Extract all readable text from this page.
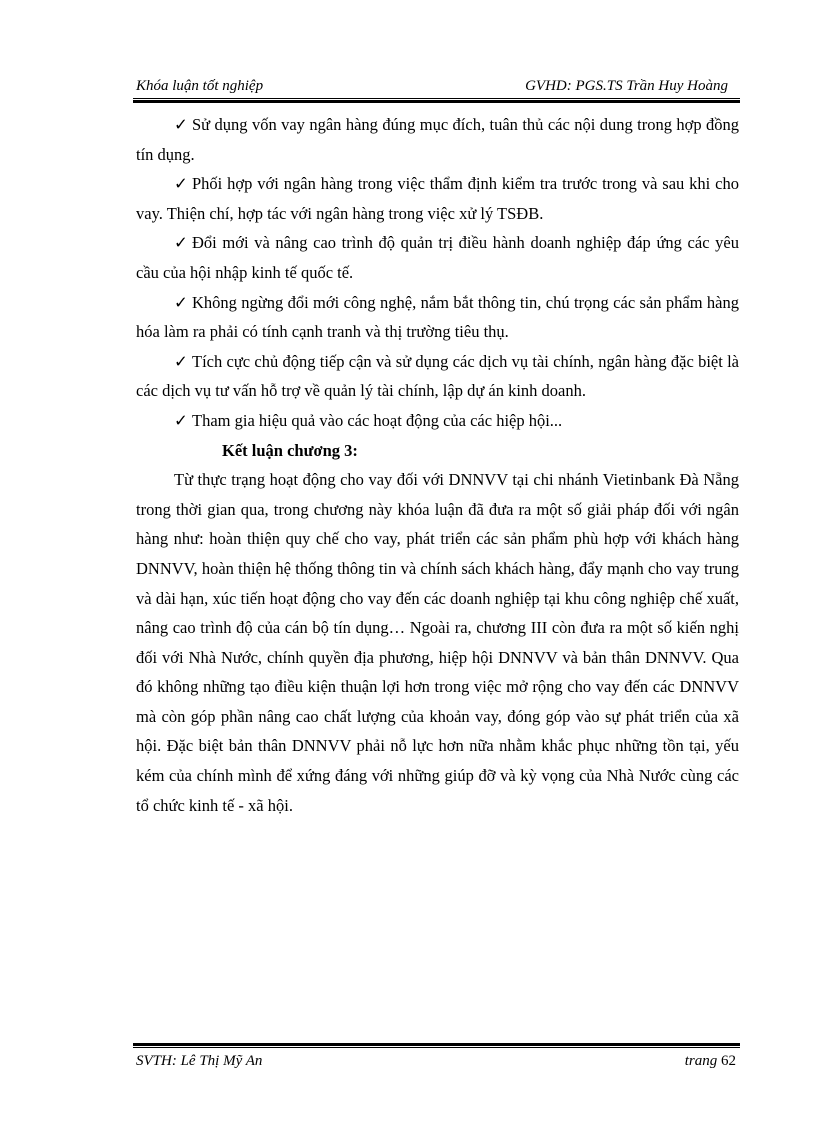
Khóa luận tốt nghiệp	GVHD: PGS.TS Trần Huy Hoàng

✓ Sử dụng vốn vay ngân hàng đúng mục đích, tuân thủ các nội dung trong hợp đồng tín dụng.

✓ Phối hợp với ngân hàng trong việc thẩm định kiểm tra trước trong và sau khi cho vay. Thiện chí, hợp tác với ngân hàng trong việc xử lý TSĐB.

✓ Đổi mới và nâng cao trình độ quản trị điều hành doanh nghiệp đáp ứng các yêu cầu của hội nhập kinh tế quốc tế.

✓ Không ngừng đổi mới công nghệ, nắm bắt thông tin, chú trọng các sản phẩm hàng hóa làm ra phải có tính cạnh tranh và thị trường tiêu thụ.

✓ Tích cực chủ động tiếp cận và sử dụng các dịch vụ tài chính, ngân hàng đặc biệt là các dịch vụ tư vấn hỗ trợ về quản lý tài chính, lập dự án kinh doanh.

✓ Tham gia hiệu quả vào các hoạt động của các hiệp hội...

Kết luận chương 3:

Từ thực trạng hoạt động cho vay đối với DNNVV tại chi nhánh Vietinbank Đà Nẵng trong thời gian qua, trong chương này khóa luận đã đưa ra một số giải pháp đối với ngân hàng như: hoàn thiện quy chế cho vay, phát triển các sản phẩm phù hợp với khách hàng DNNVV, hoàn thiện hệ thống thông tin và chính sách khách hàng, đẩy mạnh cho vay trung và dài hạn, xúc tiến hoạt động cho vay đến các doanh nghiệp tại khu công nghiệp chế xuất, nâng cao trình độ của cán bộ tín dụng… Ngoài ra, chương III còn đưa ra một số kiến nghị đối với Nhà Nước, chính quyền địa phương, hiệp hội DNNVV và bản thân DNNVV. Qua đó không những tạo điều kiện thuận lợi hơn trong việc mở rộng cho vay đến các DNNVV mà còn góp phần nâng cao chất lượng của khoản vay, đóng góp vào sự phát triển của xã hội. Đặc biệt bản thân DNNVV phải nỗ lực hơn nữa nhằm khắc phục những tồn tại, yếu kém của chính mình để xứng đáng với những giúp đỡ và kỳ vọng của Nhà Nước cùng các tổ chức kinh tế - xã hội.

SVTH: Lê Thị Mỹ An	trang 62
